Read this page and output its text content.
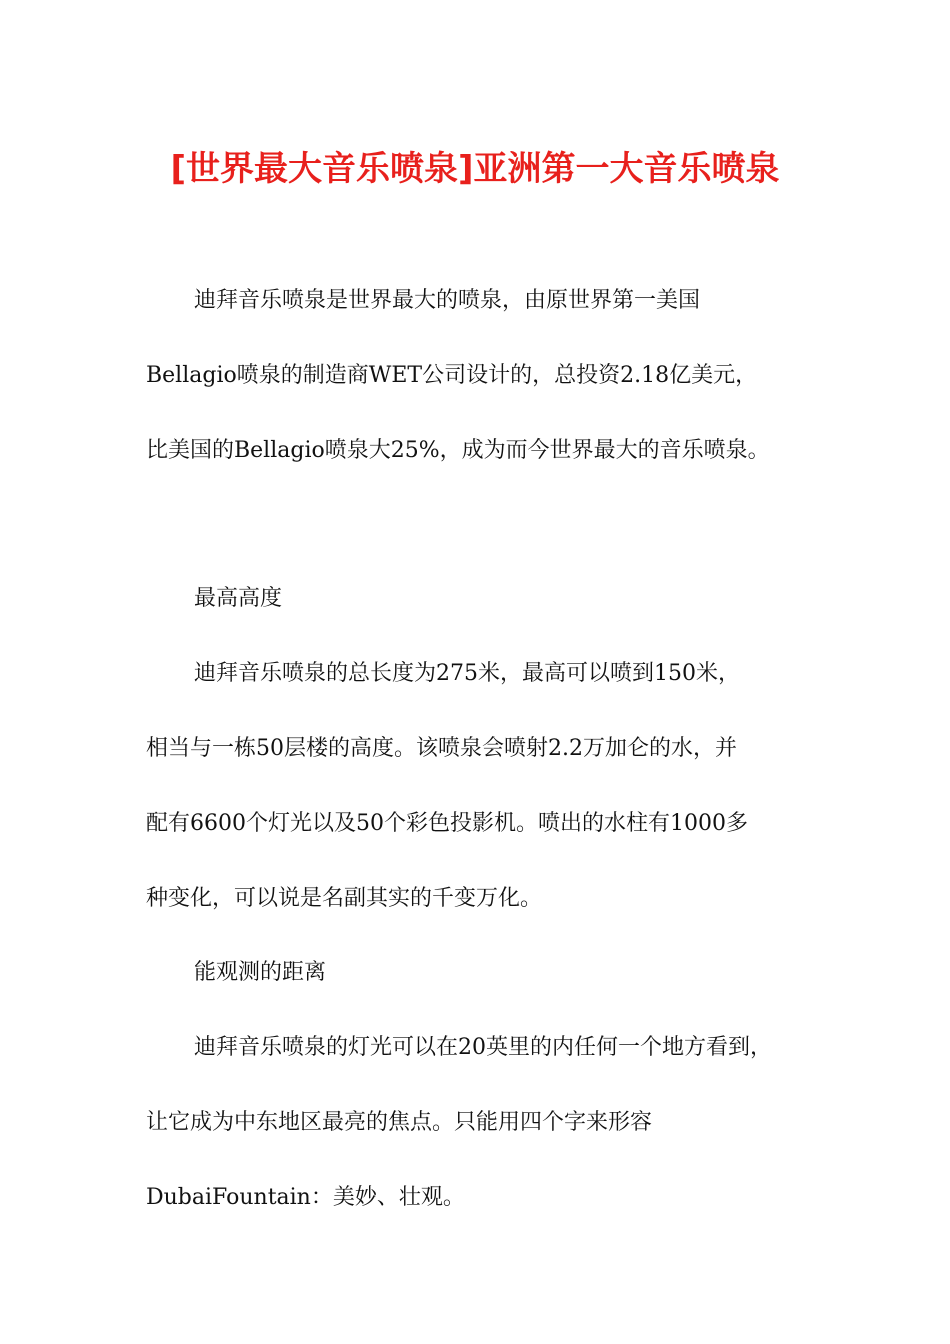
[世界最大音乐喷泉]亚洲第一大音乐喷泉
迪拜音乐喷泉是世界最大的喷泉，由原世界第一美国
Bellagio喷泉的制造商WET公司设计的，总投资2.18亿美元，
比美国的Bellagio喷泉大25%，成为而今世界最大的音乐喷泉。
最高高度
迪拜音乐喷泉的总长度为275米，最高可以喷到150米，
相当与一栋50层楼的高度。该喷泉会喷射2.2万加仑的水，并
配有6600个灯光以及50个彩色投影机。喷出的水柱有1000多
种变化，可以说是名副其实的千变万化。
能观测的距离
迪拜音乐喷泉的灯光可以在20英里的内任何一个地方看到，
让它成为中东地区最亮的焦点。只能用四个字来形容
DubaiFountain：美妙、壮观。
